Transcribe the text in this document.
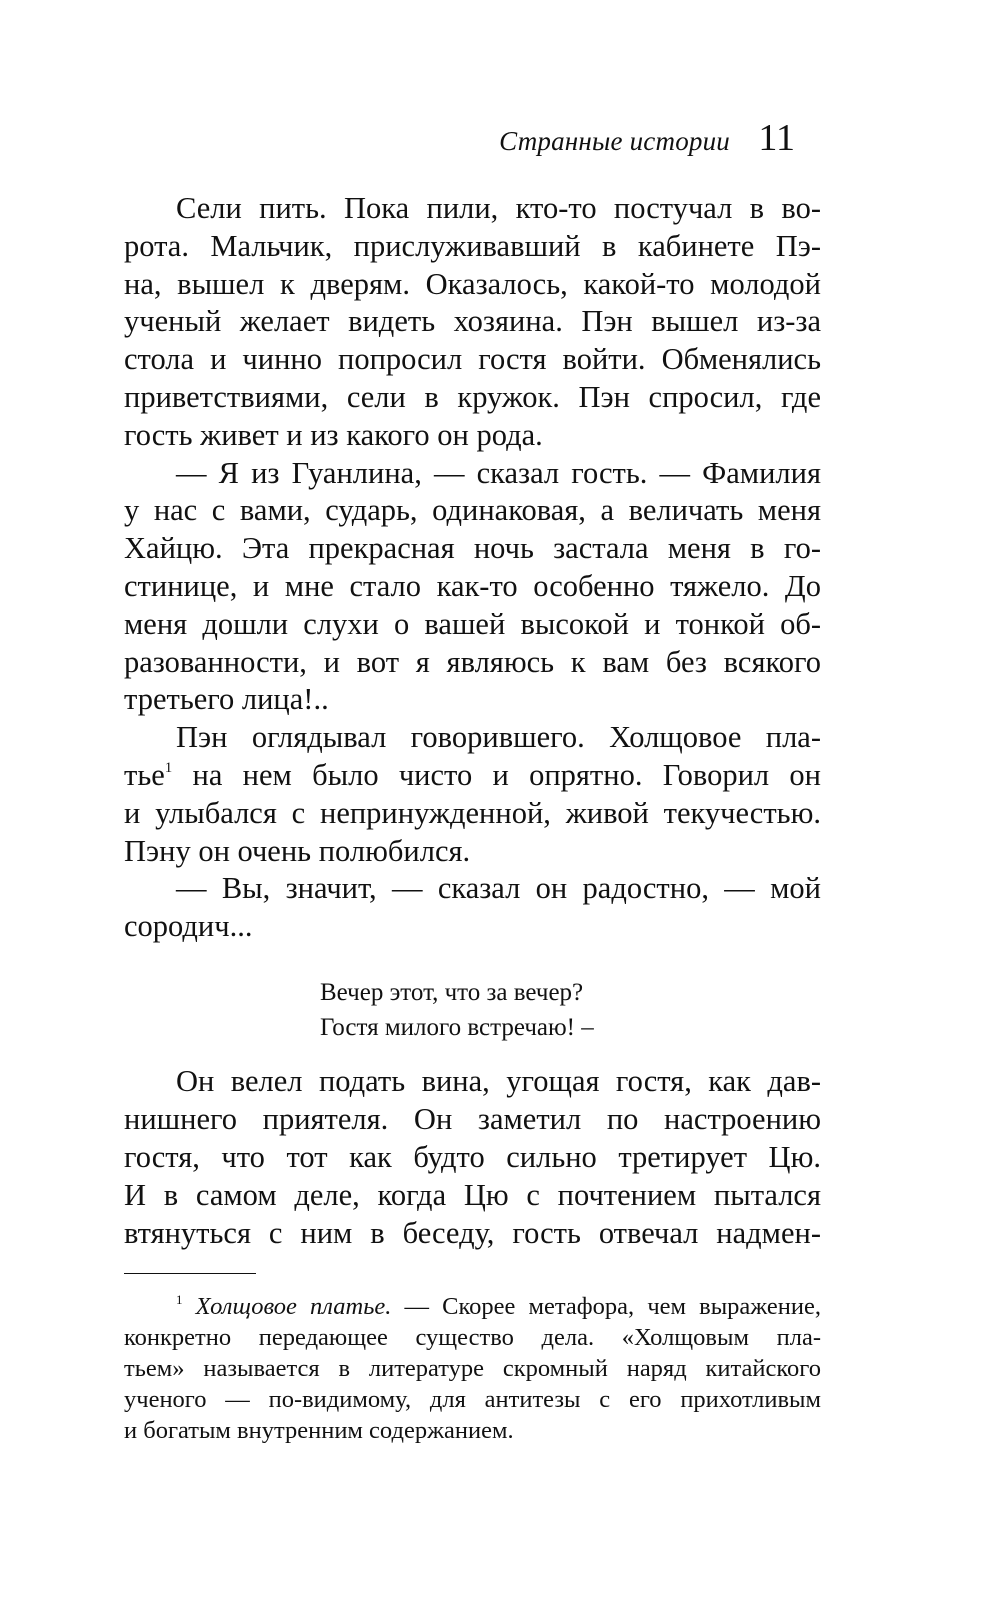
Странные истории 11
Сели пить. Пока пили, кто-то постучал в во-
рота. Мальчик, прислуживавший в кабинете Пэ-
на, вышел к дверям. Оказалось, какой-то молодой
ученый желает видеть хозяина. Пэн вышел из-за
стола и чинно попросил гостя войти. Обменялись
приветствиями, сели в кружок. Пэн спросил, где
гость живет и из какого он рода.
— Я из Гуанлина, — сказал гость. — Фамилия
у нас с вами, сударь, одинаковая, а величать меня
Хайцю. Эта прекрасная ночь застала меня в го-
стинице, и мне стало как-то особенно тяжело. До
меня дошли слухи о вашей высокой и тонкой об-
разованности, и вот я являюсь к вам без всякого
третьего лица!..
Пэн оглядывал говорившего. Холщовое пла-
тье$^1$ на нем было чисто и опрятно. Говорил он
и улыбался с непринужденной, живой текучестью.
Пэну он очень полюбился.
— Вы, значит, — сказал он радостно, — мой
сородич...
Вечер этот, что за вечер?
Гостя милого встречаю! –
Он велел подать вина, угощая гостя, как дав-
нишнего приятеля. Он заметил по настроению
гостя, что тот как будто сильно третирует Цю.
И в самом деле, когда Цю с почтением пытался
втянуться с ним в беседу, гость отвечал надмен-
$^1$ Холщовое платье. — Скорее метафора, чем выражение,
конкретно передающее существо дела. «Холщовым пла-
тьем» называется в литературе скромный наряд китайского
ученого — по-видимому, для антитезы с его прихотливым
и богатым внутренним содержанием.
